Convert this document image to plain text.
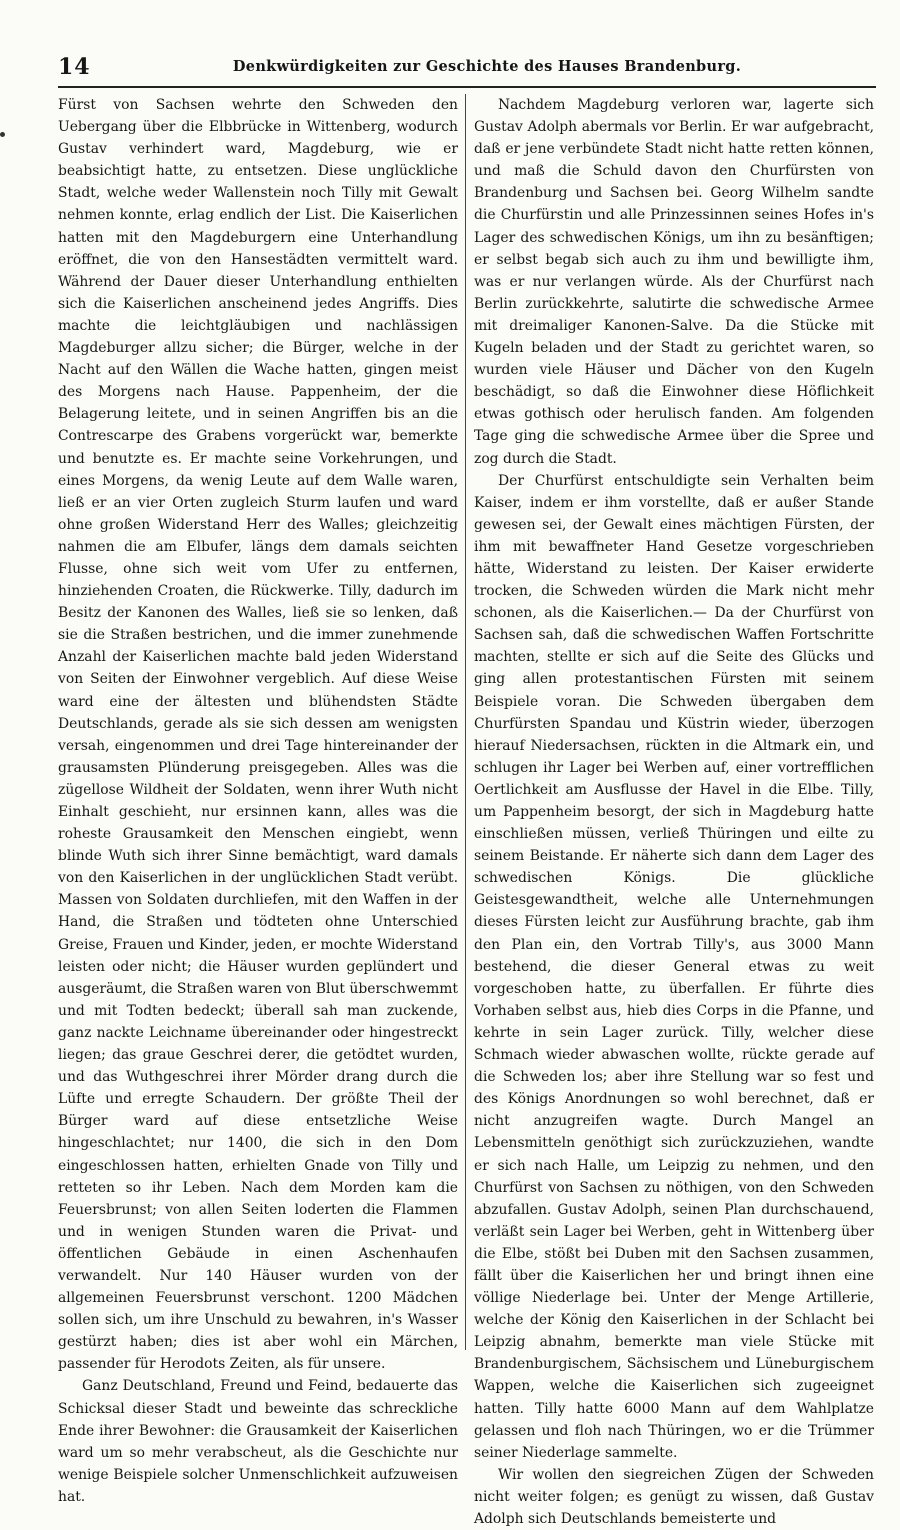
14	Denkwürdigkeiten zur Geschichte des Hauses Brandenburg.

Fürst von Sachsen wehrte den Schweden den Uebergang über die Elbbrücke in Wittenberg, wodurch Gustav verhindert ward, Magdeburg, wie er beabsichtigt hatte, zu entsetzen. Diese unglückliche Stadt, welche weder Wallenstein noch Tilly mit Gewalt nehmen konnte, erlag endlich der List. Die Kaiserlichen hatten mit den Magdeburgern eine Unterhandlung eröffnet, die von den Hansestädten vermittelt ward. Während der Dauer dieser Unterhandlung enthielten sich die Kaiserlichen anscheinend jedes Angriffs. Dies machte die leichtgläubigen und nachlässigen Magdeburger allzu sicher; die Bürger, welche in der Nacht auf den Wällen die Wache hatten, gingen meist des Morgens nach Hause. Pappenheim, der die Belagerung leitete, und in seinen Angriffen bis an die Contrescarpe des Grabens vorgerückt war, bemerkte und benutzte es. Er machte seine Vorkehrungen, und eines Morgens, da wenig Leute auf dem Walle waren, ließ er an vier Orten zugleich Sturm laufen und ward ohne großen Widerstand Herr des Walles; gleichzeitig nahmen die am Elbufer, längs dem damals seichten Flusse, ohne sich weit vom Ufer zu entfernen, hinziehenden Croaten, die Rückwerke. Tilly, dadurch im Besitz der Kanonen des Walles, ließ sie so lenken, daß sie die Straßen bestrichen, und die immer zunehmende Anzahl der Kaiserlichen machte bald jeden Widerstand von Seiten der Einwohner vergeblich. Auf diese Weise ward eine der ältesten und blühendsten Städte Deutschlands, gerade als sie sich dessen am wenigsten versah, eingenommen und drei Tage hintereinander der grausamsten Plünderung preisgegeben. Alles was die zügellose Wildheit der Soldaten, wenn ihrer Wuth nicht Einhalt geschieht, nur ersinnen kann, alles was die roheste Grausamkeit den Menschen eingiebt, wenn blinde Wuth sich ihrer Sinne bemächtigt, ward damals von den Kaiserlichen in der unglücklichen Stadt verübt. Massen von Soldaten durchliefen, mit den Waffen in der Hand, die Straßen und tödteten ohne Unterschied Greise, Frauen und Kinder, jeden, er mochte Widerstand leisten oder nicht; die Häuser wurden geplündert und ausgeräumt, die Straßen waren von Blut überschwemmt und mit Todten bedeckt; überall sah man zuckende, ganz nackte Leichname übereinander oder hingestreckt liegen; das graue Geschrei derer, die getödtet wurden, und das Wuthgeschrei ihrer Mörder drang durch die Lüfte und erregte Schaudern. Der größte Theil der Bürger ward auf diese entsetzliche Weise hingeschlachtet; nur 1400, die sich in den Dom eingeschlossen hatten, erhielten Gnade von Tilly und retteten so ihr Leben. Nach dem Morden kam die Feuersbrunst; von allen Seiten loderten die Flammen und in wenigen Stunden waren die Privat- und öffentlichen Gebäude in einen Aschenhaufen verwandelt. Nur 140 Häuser wurden von der allgemeinen Feuersbrunst verschont. 1200 Mädchen sollen sich, um ihre Unschuld zu bewahren, in's Wasser gestürzt haben; dies ist aber wohl ein Märchen, passender für Herodots Zeiten, als für unsere.

Ganz Deutschland, Freund und Feind, bedauerte das Schicksal dieser Stadt und beweinte das schreckliche Ende ihrer Bewohner: die Grausamkeit der Kaiserlichen ward um so mehr verabscheut, als die Geschichte nur wenige Beispiele solcher Unmenschlichkeit aufzuweisen hat.

Nachdem Magdeburg verloren war, lagerte sich Gustav Adolph abermals vor Berlin. Er war aufgebracht, daß er jene verbündete Stadt nicht hatte retten können, und maß die Schuld davon den Churfürsten von Brandenburg und Sachsen bei. Georg Wilhelm sandte die Churfürstin und alle Prinzessinnen seines Hofes in's Lager des schwedischen Königs, um ihn zu besänftigen; er selbst begab sich auch zu ihm und bewilligte ihm, was er nur verlangen würde. Als der Churfürst nach Berlin zurückkehrte, salutirte die schwedische Armee mit dreimaliger Kanonen-Salve. Da die Stücke mit Kugeln beladen und der Stadt zu gerichtet waren, so wurden viele Häuser und Dächer von den Kugeln beschädigt, so daß die Einwohner diese Höflichkeit etwas gothisch oder herulisch fanden. Am folgenden Tage ging die schwedische Armee über die Spree und zog durch die Stadt.

Der Churfürst entschuldigte sein Verhalten beim Kaiser, indem er ihm vorstellte, daß er außer Stande gewesen sei, der Gewalt eines mächtigen Fürsten, der ihm mit bewaffneter Hand Gesetze vorgeschrieben hätte, Widerstand zu leisten. Der Kaiser erwiderte trocken, die Schweden würden die Mark nicht mehr schonen, als die Kaiserlichen.— Da der Churfürst von Sachsen sah, daß die schwedischen Waffen Fortschritte machten, stellte er sich auf die Seite des Glücks und ging allen protestantischen Fürsten mit seinem Beispiele voran. Die Schweden übergaben dem Churfürsten Spandau und Küstrin wieder, überzogen hierauf Niedersachsen, rückten in die Altmark ein, und schlugen ihr Lager bei Werben auf, einer vortrefflichen Oertlichkeit am Ausflusse der Havel in die Elbe. Tilly, um Pappenheim besorgt, der sich in Magdeburg hatte einschließen müssen, verließ Thüringen und eilte zu seinem Beistande. Er näherte sich dann dem Lager des schwedischen Königs. Die glückliche Geistesgewandtheit, welche alle Unternehmungen dieses Fürsten leicht zur Ausführung brachte, gab ihm den Plan ein, den Vortrab Tilly's, aus 3000 Mann bestehend, die dieser General etwas zu weit vorgeschoben hatte, zu überfallen. Er führte dies Vorhaben selbst aus, hieb dies Corps in die Pfanne, und kehrte in sein Lager zurück. Tilly, welcher diese Schmach wieder abwaschen wollte, rückte gerade auf die Schweden los; aber ihre Stellung war so fest und des Königs Anordnungen so wohl berechnet, daß er nicht anzugreifen wagte. Durch Mangel an Lebensmitteln genöthigt sich zurückzuziehen, wandte er sich nach Halle, um Leipzig zu nehmen, und den Churfürst von Sachsen zu nöthigen, von den Schweden abzufallen. Gustav Adolph, seinen Plan durchschauend, verläßt sein Lager bei Werben, geht in Wittenberg über die Elbe, stößt bei Duben mit den Sachsen zusammen, fällt über die Kaiserlichen her und bringt ihnen eine völlige Niederlage bei. Unter der Menge Artillerie, welche der König den Kaiserlichen in der Schlacht bei Leipzig abnahm, bemerkte man viele Stücke mit Brandenburgischem, Sächsischem und Lüneburgischem Wappen, welche die Kaiserlichen sich zugeeignet hatten. Tilly hatte 6000 Mann auf dem Wahlplatze gelassen und floh nach Thüringen, wo er die Trümmer seiner Niederlage sammelte.

Wir wollen den siegreichen Zügen der Schweden nicht weiter folgen; es genügt zu wissen, daß Gustav Adolph sich Deutschlands bemeisterte und
